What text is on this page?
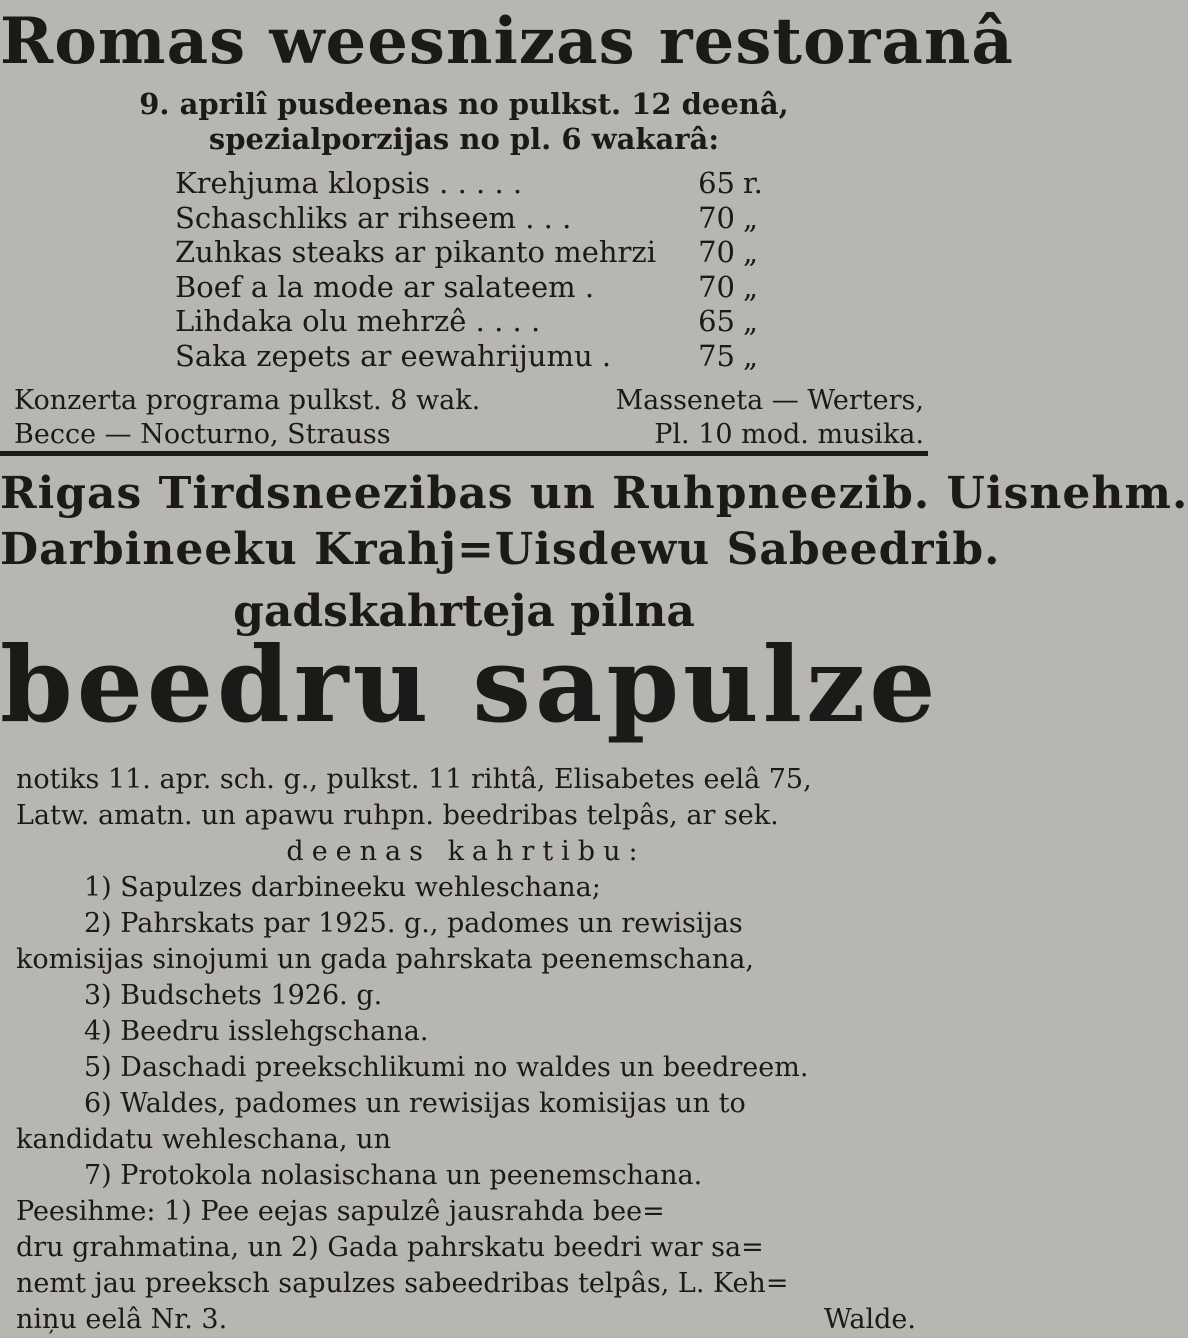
Romas weesnizas restoranâ
9. aprilî pusdeenas no pulkst. 12 deenâ,
spezialporzijas no pl. 6 wakarâ:
Krehjuma klopsis . . . . .	65 r.
Schaschliks ar rihseem . . .	70 „
Zuhkas steaks ar pikanto mehrzi	70 „
Boef a la mode ar salateem .	70 „
Lihdaka olu mehrzê . . . .	65 „
Saka zepets ar eewahrijumu .	75 „
Konzerta programa pulkst. 8 wak.	Masseneta — Werters,
Becce — Nocturno, Strauss	Pl. 10 mod. musika.
Rigas Tirdsneezibas un Ruhpneezib. Uisnehm.
Darbineeku Krahj=Uisdewu Sabeedrib.
gadskahrteja pilna
beedru sapulze
notiks 11. apr. sch. g., pulkst. 11 rihtâ, Elisabetes eelâ 75,
Latw. amatn. un apawu ruhpn. beedribas telpâs, ar sek.
deenas kahrtibu:
1) Sapulzes darbineeku wehleschana;
2) Pahrskats par 1925. g., padomes un rewisijas
komisijas sinojumi un gada pahrskata peenemschana,
3) Budschets 1926. g.
4) Beedru isslehgschana.
5) Daschadi preekschlikumi no waldes un beedreem.
6) Waldes, padomes un rewisijas komisijas un to
kandidatu wehleschana, un
7) Protokola nolasischana un peenemschana.
Peesihme: 1) Pee eejas sapulzê jausrahda bee=
dru grahmatina, un 2) Gada pahrskatu beedri war sa=
nemt jau preeksch sapulzes sabeedribas telpâs, L. Keh=
niņu eelâ Nr. 3.	Walde.
